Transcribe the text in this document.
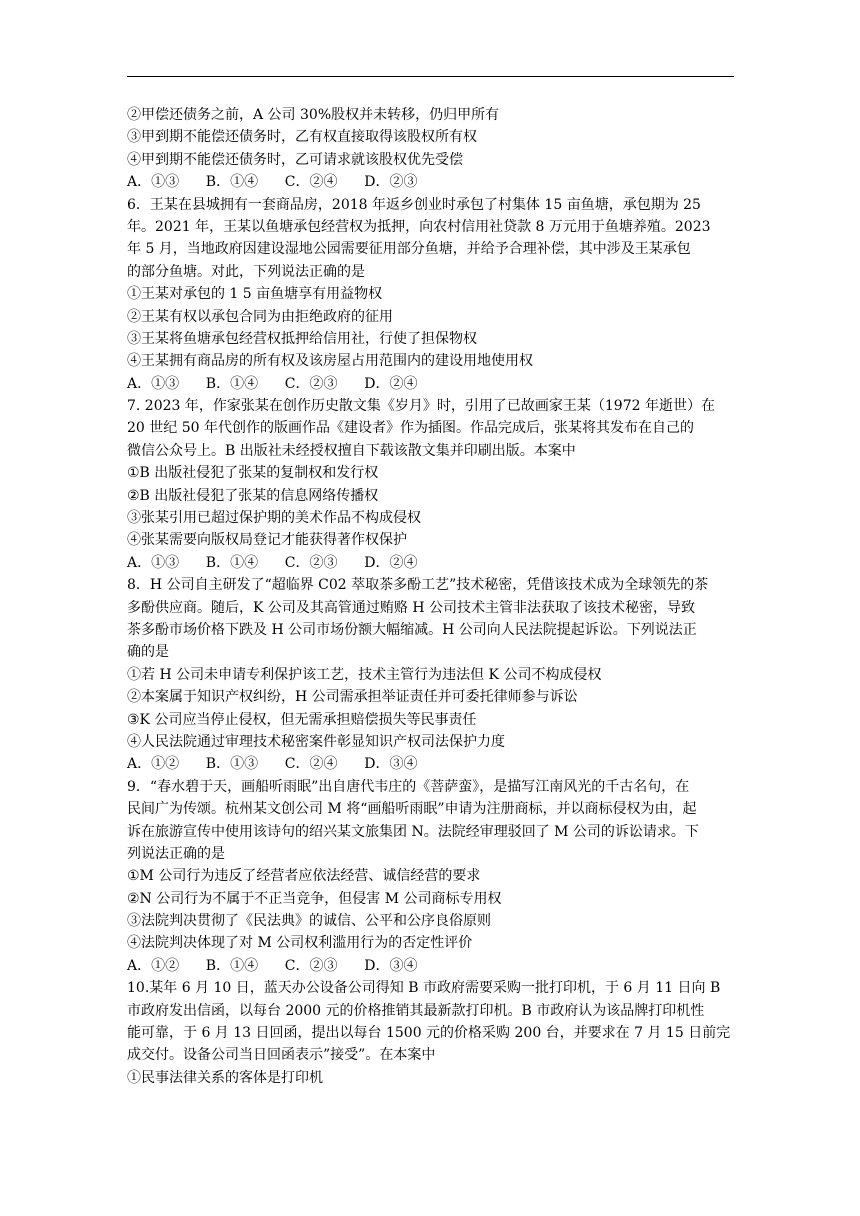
②甲偿还债务之前，A 公司 30%股权并未转移，仍归甲所有
③甲到期不能偿还债务时，乙有权直接取得该股权所有权
④甲到期不能偿还债务时，乙可请求就该股权优先受偿
A．①③      B．①④      C．②④      D．②③
6．王某在县城拥有一套商品房，2018 年返乡创业时承包了村集体 15 亩鱼塘，承包期为 25
年。2021 年，王某以鱼塘承包经营权为抵押，向农村信用社贷款 8 万元用于鱼塘养殖。2023
年 5 月，当地政府因建设湿地公园需要征用部分鱼塘，并给予合理补偿，其中涉及王某承包
的部分鱼塘。对此，下列说法正确的是
①王某对承包的 1 5 亩鱼塘享有用益物权
②王某有权以承包合同为由拒绝政府的征用
③王某将鱼塘承包经营权抵押给信用社，行使了担保物权
④王某拥有商品房的所有权及该房屋占用范围内的建设用地使用权
A．①③      B．①④      C．②③      D．②④
7. 2023 年，作家张某在创作历史散文集《岁月》时，引用了已故画家王某（1972 年逝世）在
20 世纪 50 年代创作的版画作品《建设者》作为插图。作品完成后，张某将其发布在自己的
微信公众号上。B 出版社未经授权擅自下载该散文集并印刷出版。本案中
①B 出版社侵犯了张某的复制权和发行权
②B 出版社侵犯了张某的信息网络传播权
③张某引用已超过保护期的美术作品不构成侵权
④张某需要向版权局登记才能获得著作权保护
A．①③      B．①④      C．②③      D．②④
8．H 公司自主研发了“超临界 C02 萃取茶多酚工艺”技术秘密，凭借该技术成为全球领先的茶
多酚供应商。随后，K 公司及其高管通过贿赂 H 公司技术主管非法获取了该技术秘密，导致
茶多酚市场价格下跌及 H 公司市场份额大幅缩减。H 公司向人民法院提起诉讼。下列说法正
确的是
①若 H 公司未申请专利保护该工艺，技术主管行为违法但 K 公司不构成侵权
②本案属于知识产权纠纷，H 公司需承担举证责任并可委托律师参与诉讼
③K 公司应当停止侵权，但无需承担赔偿损失等民事责任
④人民法院通过审理技术秘密案件彰显知识产权司法保护力度
A．①②      B．①③      C．②④      D．③④
9．“春水碧于天，画船听雨眠”出自唐代韦庄的《菩萨蛮》，是描写江南风光的千古名句，在
民间广为传颂。杭州某文创公司 M 将“画船听雨眠”申请为注册商标，并以商标侵权为由，起
诉在旅游宣传中使用该诗句的绍兴某文旅集团 N。法院经审理驳回了 M 公司的诉讼请求。下
列说法正确的是
①M 公司行为违反了经营者应依法经营、诚信经营的要求
②N 公司行为不属于不正当竞争，但侵害 M 公司商标专用权
③法院判决贯彻了《民法典》的诚信、公平和公序良俗原则
④法院判决体现了对 M 公司权利滥用行为的否定性评价
A．①②      B．①④      C．②③      D．③④
10.某年 6 月 10 日，蓝天办公设备公司得知 B 市政府需要采购一批打印机，于 6 月 11 日向 B
市政府发出信函，以每台 2000 元的价格推销其最新款打印机。B 市政府认为该品牌打印机性
能可靠，于 6 月 13 日回函，提出以每台 1500 元的价格采购 200 台，并要求在 7 月 15 日前完
成交付。设备公司当日回函表示”接受”。在本案中
①民事法律关系的客体是打印机
